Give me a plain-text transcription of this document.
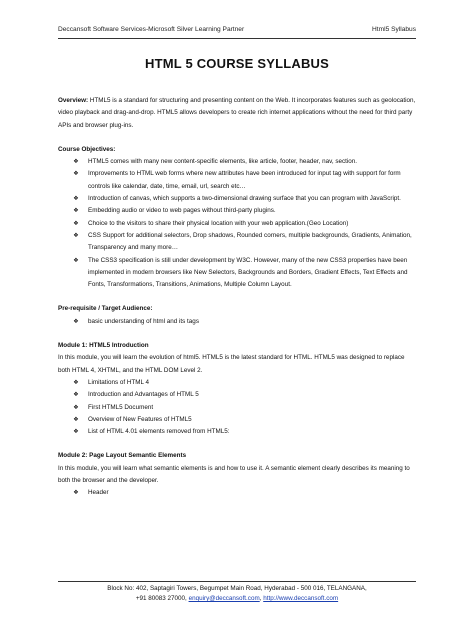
Deccansoft Software Services-Microsoft Silver Learning Partner	Html5 Syllabus
HTML 5 COURSE SYLLABUS

Overview: HTML5 is a standard for structuring and presenting content on the Web. It incorporates features such as geolocation, video playback and drag-and-drop. HTML5 allows developers to create rich internet applications without the need for third party APIs and browser plug-ins.

Course Objectives:

❖ HTML5 comes with many new content-specific elements, like article, footer, header, nav, section.
❖ Improvements to HTML web forms where new attributes have been introduced for input tag with support for form controls like calendar, date, time, email, url, search etc…
❖ Introduction of canvas, which supports a two-dimensional drawing surface that you can program with JavaScript.
❖ Embedding audio or video to web pages without third-party plugins.
❖ Choice to the visitors to share their physical location with your web application.(Geo Location)
❖ CSS Support for additional selectors, Drop shadows, Rounded corners, multiple backgrounds, Gradients, Animation, Transparency and many more…
❖ The CSS3 specification is still under development by W3C. However, many of the new CSS3 properties have been implemented in modern browsers like New Selectors, Backgrounds and Borders, Gradient Effects, Text Effects and Fonts, Transformations, Transitions, Animations, Multiple Column Layout.

Pre-requisite / Target Audience:

❖ basic understanding of html and its tags

Module 1: HTML5 Introduction

In this module, you will learn the evolution of html5. HTML5 is the latest standard for HTML. HTML5 was designed to replace both HTML 4, XHTML, and the HTML DOM Level 2.

❖ Limitations of HTML 4
❖ Introduction and Advantages of HTML 5
❖ First HTML5 Document
❖ Overview of New Features of HTML5
❖ List of HTML 4.01 elements removed from HTML5:

Module 2: Page Layout Semantic Elements

In this module, you will learn what semantic elements is and how to use it. A semantic element clearly describes its meaning to both the browser and the developer.

❖ Header
Block No: 402, Saptagiri Towers, Begumpet Main Road, Hyderabad - 500 016, TELANGANA,
+91 80083 27000, enquiry@deccansoft.com, http://www.deccansoft.com
